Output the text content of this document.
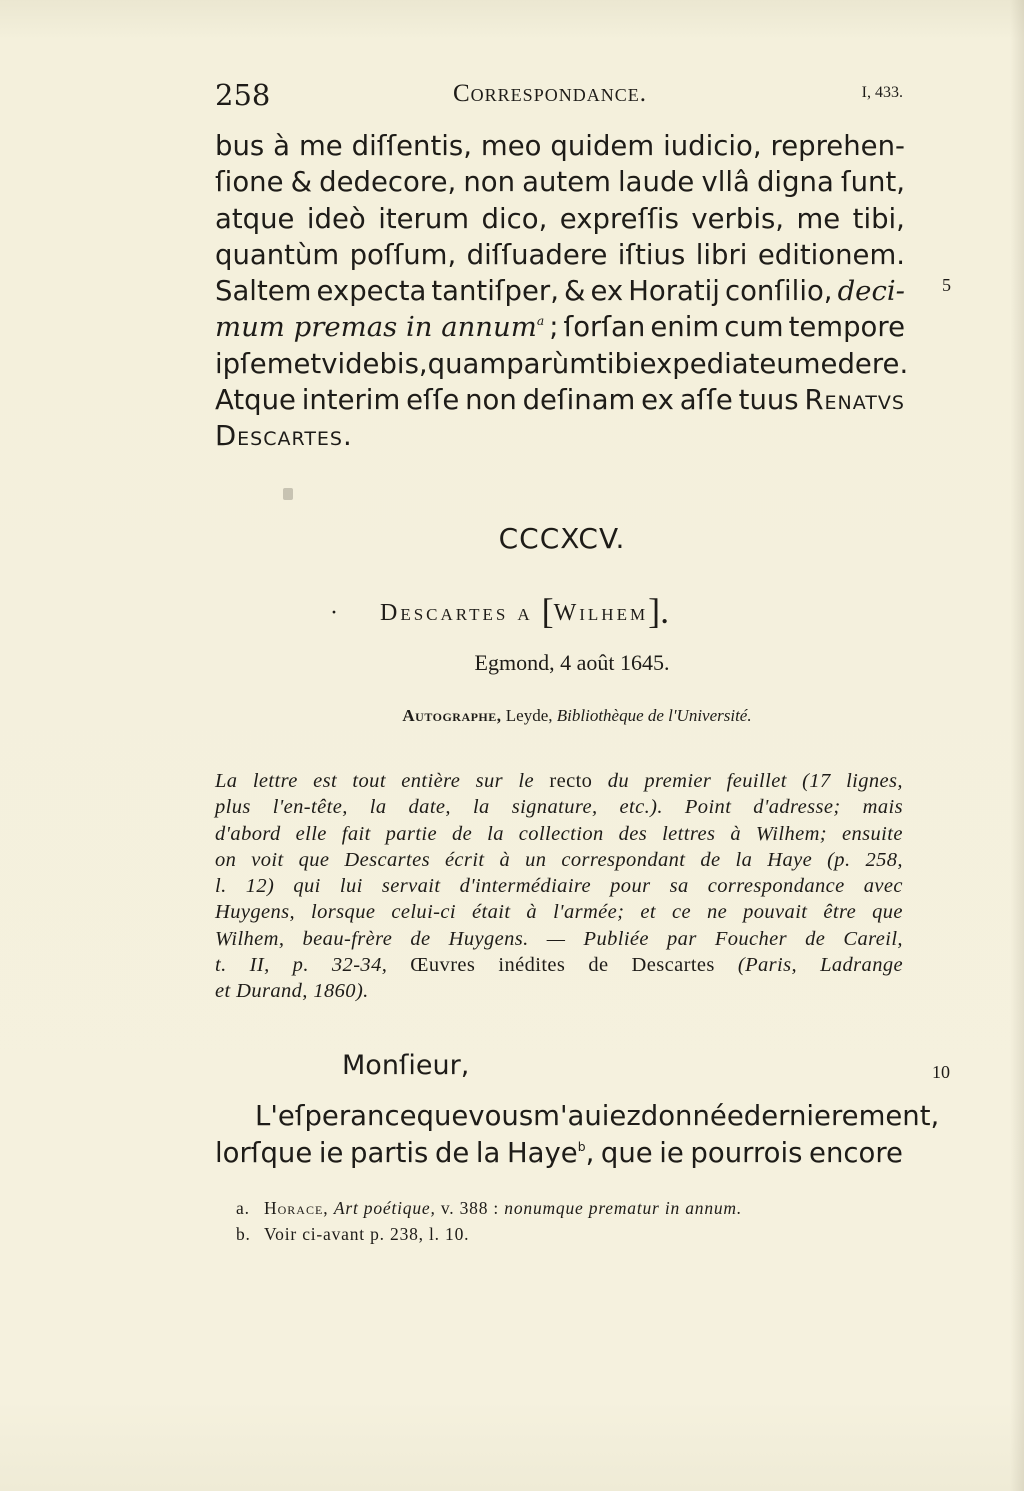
258	Correspondance.	I, 433.
bus à me diſſentis, meo quidem iudicio, reprehen-
ſione & dedecore, non autem laude vllâ digna ſunt,
atque ideò iterum dico, expreſſis verbis, me tibi,
quantùm poſſum, diſſuadere iſtius libri editionem.
Saltem expecta tantiſper, & ex Horatij conſilio, deci-
mum premas in annum$^a$ ; ſorſan enim cum tempore
ipſemet videbis, quam parùm tibi expediat eum edere.
Atque interim eſſe non deſinam ex aſſe tuus Renatvs
Descartes.
5
CCCXCV.
· Descartes a [Wilhem].
Egmond, 4 août 1645.
Autographe, Leyde, Bibliothèque de l'Université.
La lettre est tout entière sur le recto du premier feuillet (17 lignes,
plus l'en-tête, la date, la signature, etc.). Point d'adresse; mais
d'abord elle fait partie de la collection des lettres à Wilhem; ensuite
on voit que Descartes écrit à un correspondant de la Haye (p. 258,
l. 12) qui lui servait d'intermédiaire pour sa correspondance avec
Huygens, lorsque celui-ci était à l'armée; et ce ne pouvait être que
Wilhem, beau-frère de Huygens. — Publiée par Foucher de Careil,
t. II, p. 32-34, Œuvres inédites de Descartes (Paris, Ladrange
et Durand, 1860).
Monſieur,	10
L'eſperance que vous m'auiez donnée dernierement,
lorſque ie partis de la Haye$^b$, que ie pourrois encore
a. Horace, Art poétique, v. 388 : nonumque prematur in annum.
b. Voir ci-avant p. 238, l. 10.
